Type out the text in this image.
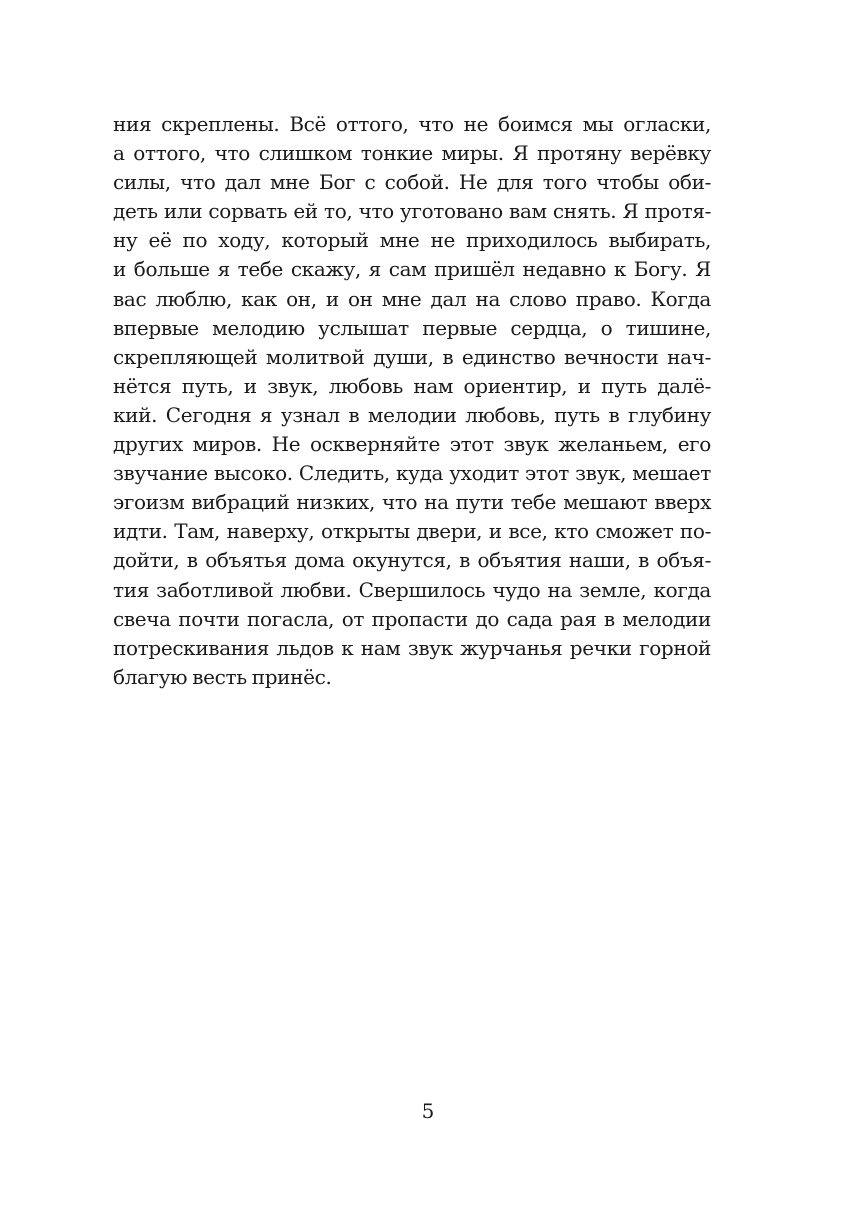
ния скреплены. Всё оттого, что не боимся мы огласки,
а оттого, что слишком тонкие миры. Я протяну верёвку
силы, что дал мне Бог с собой. Не для того чтобы оби-
деть или сорвать ей то, что уготовано вам снять. Я протя-
ну её по ходу, который мне не приходилось выбирать,
и больше я тебе скажу, я сам пришёл недавно к Богу. Я
вас люблю, как он, и он мне дал на слово право. Когда
впервые мелодию услышат первые сердца, о тишине,
скрепляющей молитвой души, в единство вечности нач-
нётся путь, и звук, любовь нам ориентир, и путь далё-
кий. Сегодня я узнал в мелодии любовь, путь в глубину
других миров. Не оскверняйте этот звук желаньем, его
звучание высоко. Следить, куда уходит этот звук, мешает
эгоизм вибраций низких, что на пути тебе мешают вверх
идти. Там, наверху, открыты двери, и все, кто сможет по-
дойти, в объятья дома окунутся, в объятия наши, в объя-
тия заботливой любви. Свершилось чудо на земле, когда
свеча почти погасла, от пропасти до сада рая в мелодии
потрескивания льдов к нам звук журчанья речки горной
благую весть принёс.
5
